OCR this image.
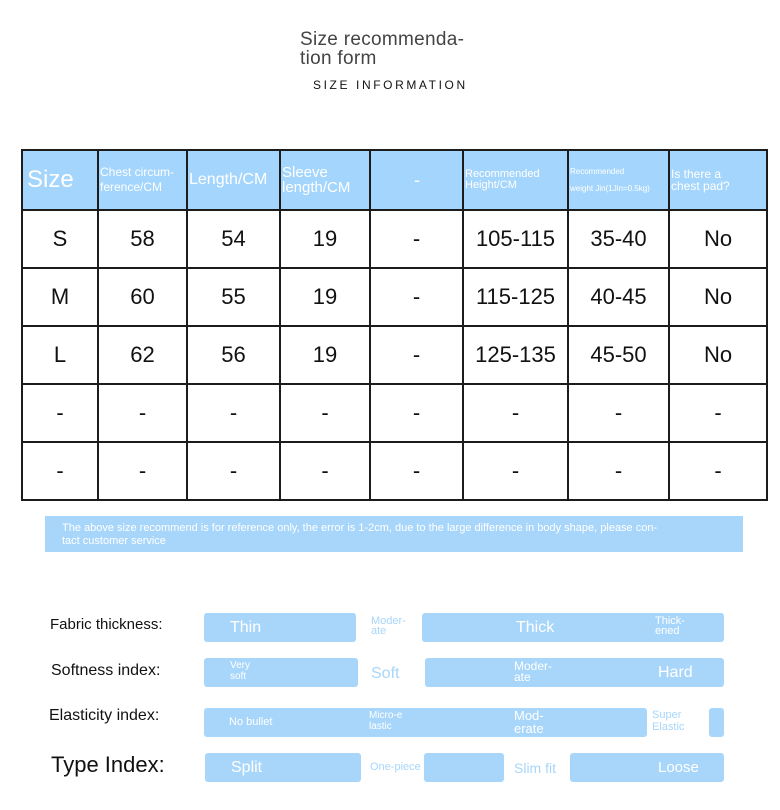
Size recommenda-
tion form
SIZE INFORMATION
Size	Chest circum-
ference/CM	Length/CM	Sleeve
length/CM	-	Recommended
Height/CM	Recommended
weight Jin(1Jin=0.5kg)	Is there a
chest pad?

S	58	54	19	-	105-115	35-40	No
M	60	55	19	-	115-125	40-45	No
L	62	56	19	-	125-135	45-50	No
-	-	-	-	-	-	-	-
-	-	-	-	-	-	-	-
The above size recommend is for reference only, the error is 1-2cm, due to the large difference in body shape, please con-
tact customer service
Fabric thickness:	Thin	Moder-
ate	Thick	Thick-
ened
Softness index:	Very
soft	Soft	Moder-
ate	Hard
Elasticity index:	No bullet
Micro-e
lastic
Mod-
erate
Super
Elastic
Type Index:	Split	One-piece	Slim fit	Loose
